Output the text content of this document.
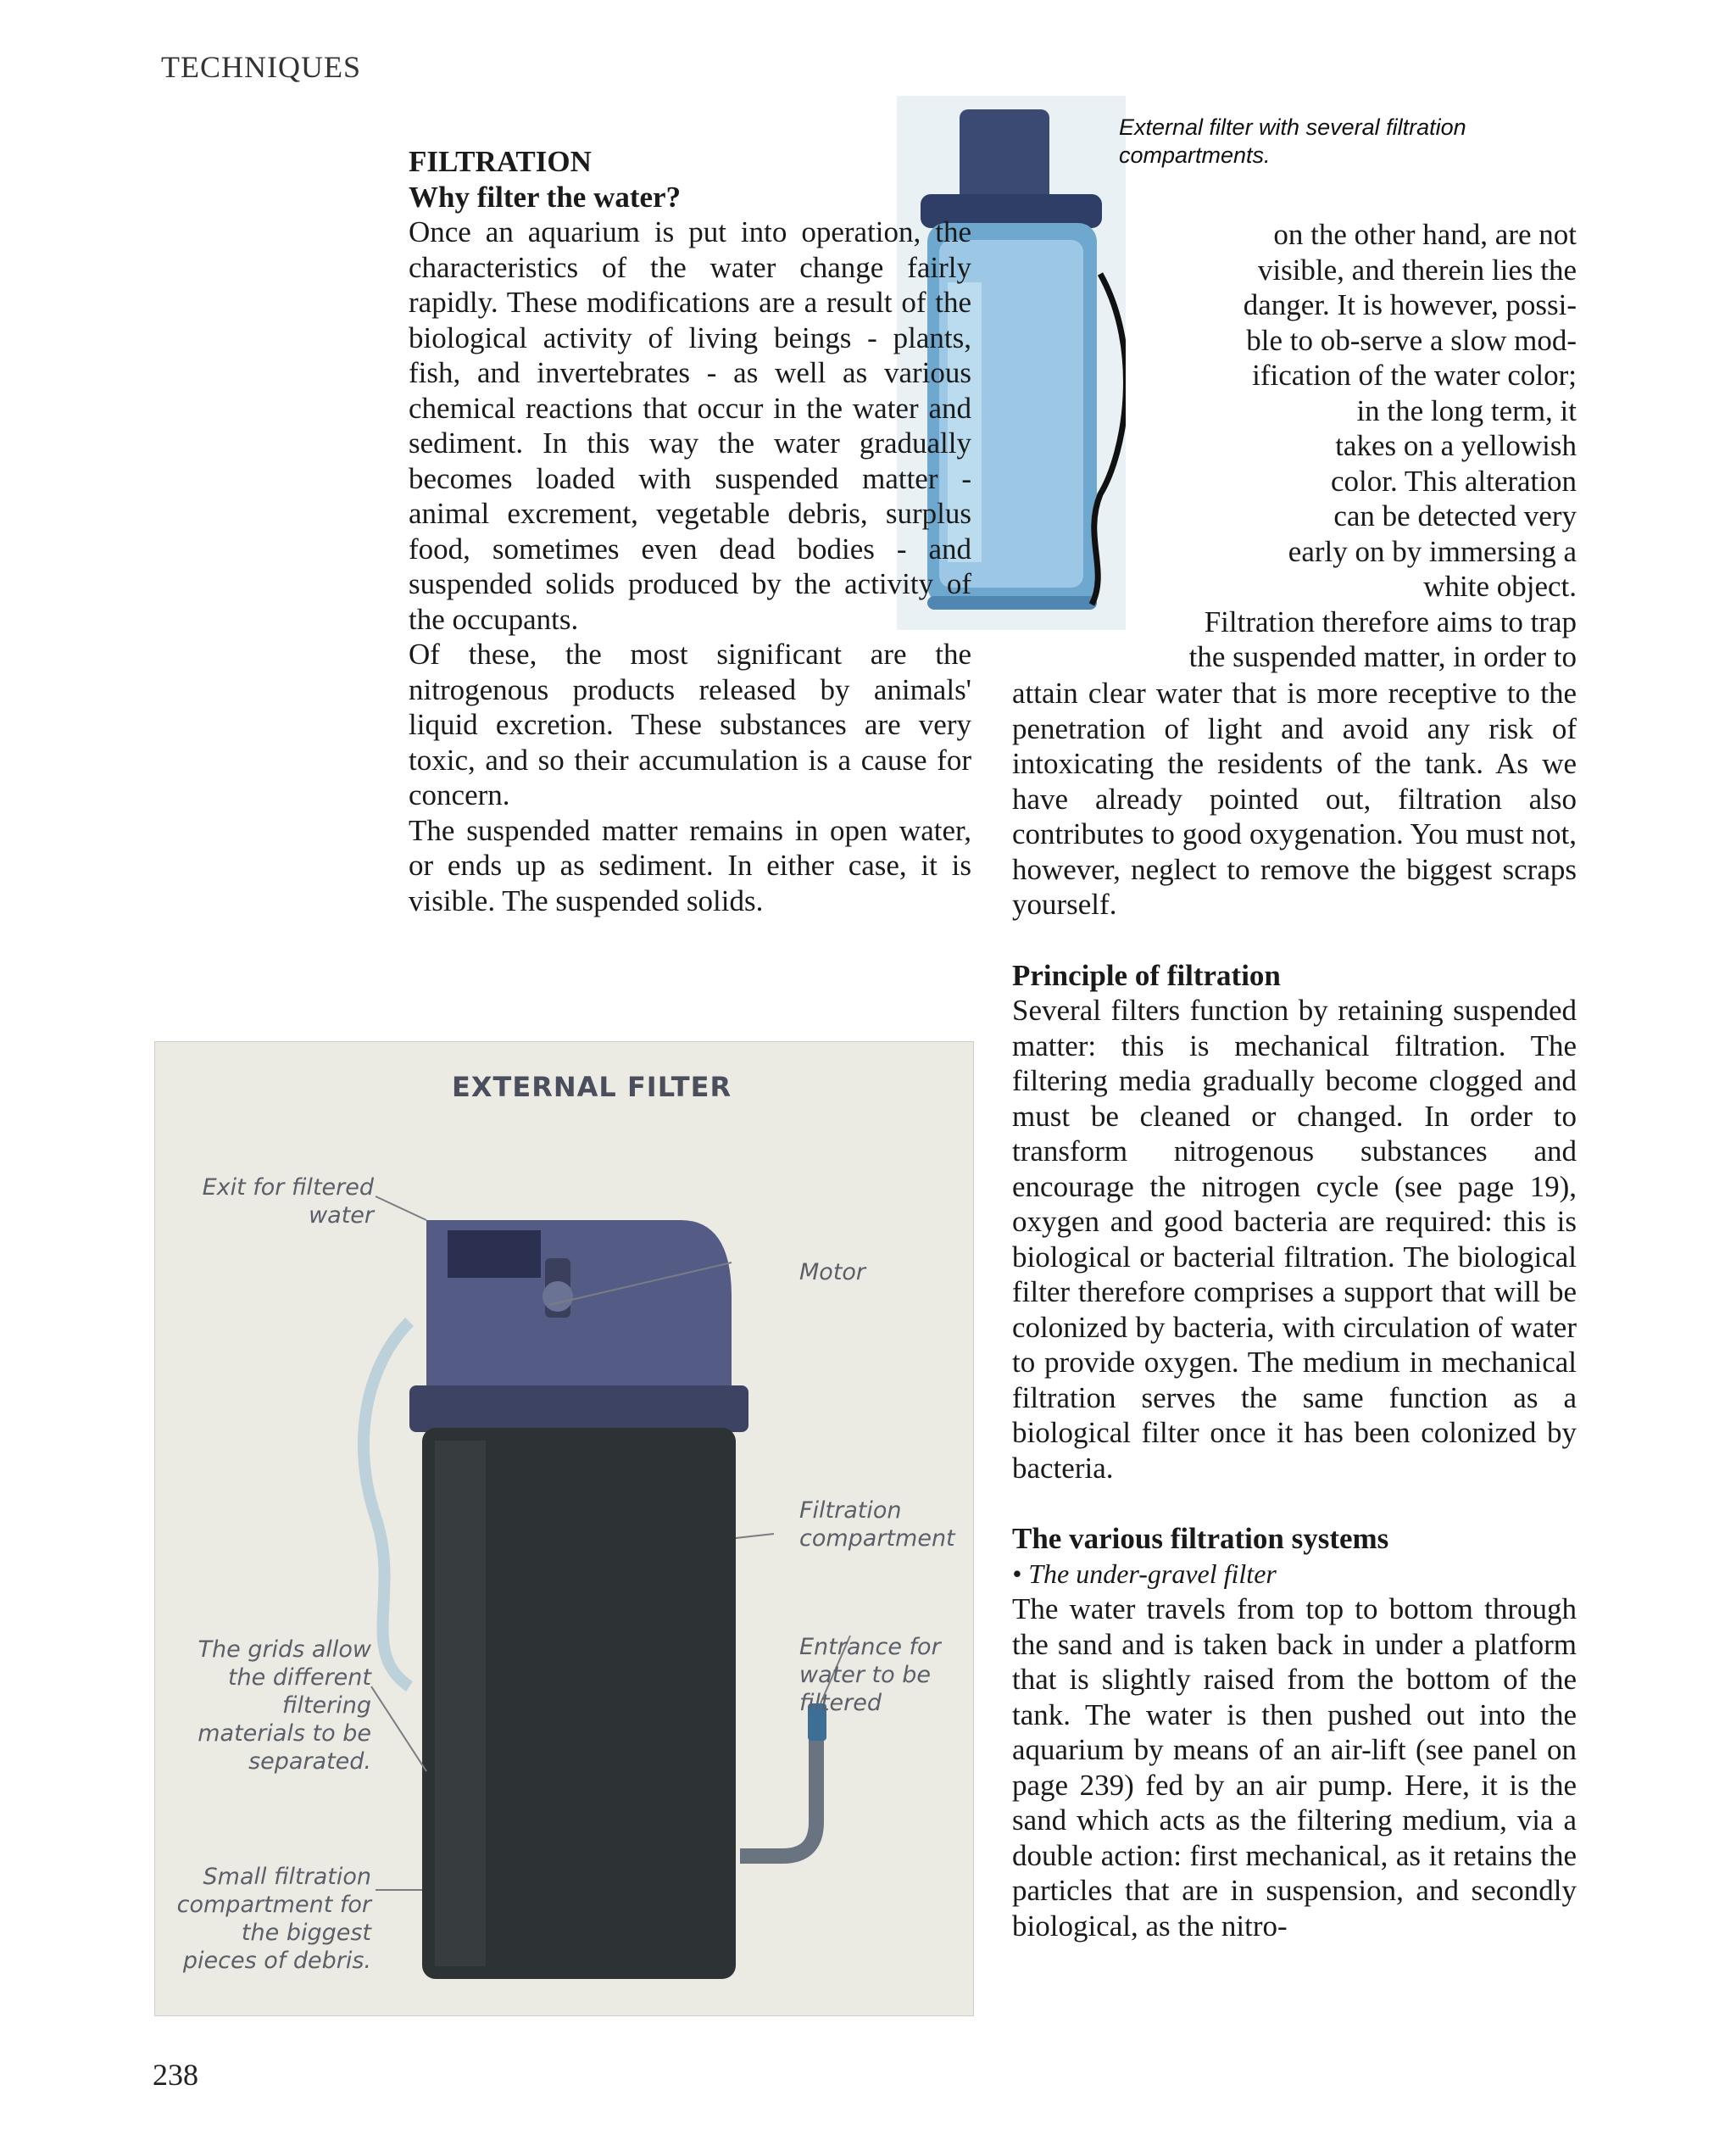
TECHNIQUES
238
External filter with several filtration compartments.

FILTRATION

Why filter the water?

Once an aquarium is put into operation, the characteristics of the water change fairly rapidly. These modifications are a result of the biological activity of living beings - plants, fish, and invertebrates - as well as various chemical reactions that occur in the water and sediment. In this way the water gradually becomes loaded with suspended matter - animal excrement, vegetable debris, surplus food, sometimes even dead bodies - and suspended solids produced by the activity of the occupants.

Of these, the most significant are the nitrogenous products released by animals' liquid excretion. These substances are very toxic, and so their accumulation is a cause for concern.

The suspended matter remains in open water, or ends up as sediment. In either case, it is visible. The suspended solids.

on the other hand, are not
visible, and therein lies the
danger. It is however, possi-
ble to ob-serve a slow mod-
ification of the water color;
in the long term, it
takes on a yellowish
color. This alteration
can be detected very
early on by immersing a
white object.
Filtration therefore aims to trap
the suspended matter, in order to

attain clear water that is more receptive to the penetration of light and avoid any risk of intoxicating the residents of the tank. As we have already pointed out, filtration also contributes to good oxygenation. You must not, however, neglect to remove the biggest scraps yourself.

Principle of filtration

Several filters function by retaining suspended matter: this is mechanical filtration. The filtering media gradually become clogged and must be cleaned or changed. In order to transform nitrogenous substances and encourage the nitrogen cycle (see page 19), oxygen and good bacteria are required: this is biological or bacterial filtration. The biological filter therefore comprises a support that will be colonized by bacteria, with circulation of water to provide oxygen. The medium in mechanical filtration serves the same function as a biological filter once it has been colonized by bacteria.

The various filtration systems

• The under-gravel filter

The water travels from top to bottom through the sand and is taken back in under a platform that is slightly raised from the bottom of the tank. The water is then pushed out into the aquarium by means of an air-lift (see panel on page 239) fed by an air pump. Here, it is the sand which acts as the filtering medium, via a double action: first mechanical, as it retains the particles that are in suspension, and secondly biological, as the nitro-

EXTERNAL FILTER
Exit for filtered water
Motor
Filtration compartment
Entrance for water to be filtered
The grids allow the different filtering materials to be separated.
Small filtration compartment for the biggest pieces of debris.
